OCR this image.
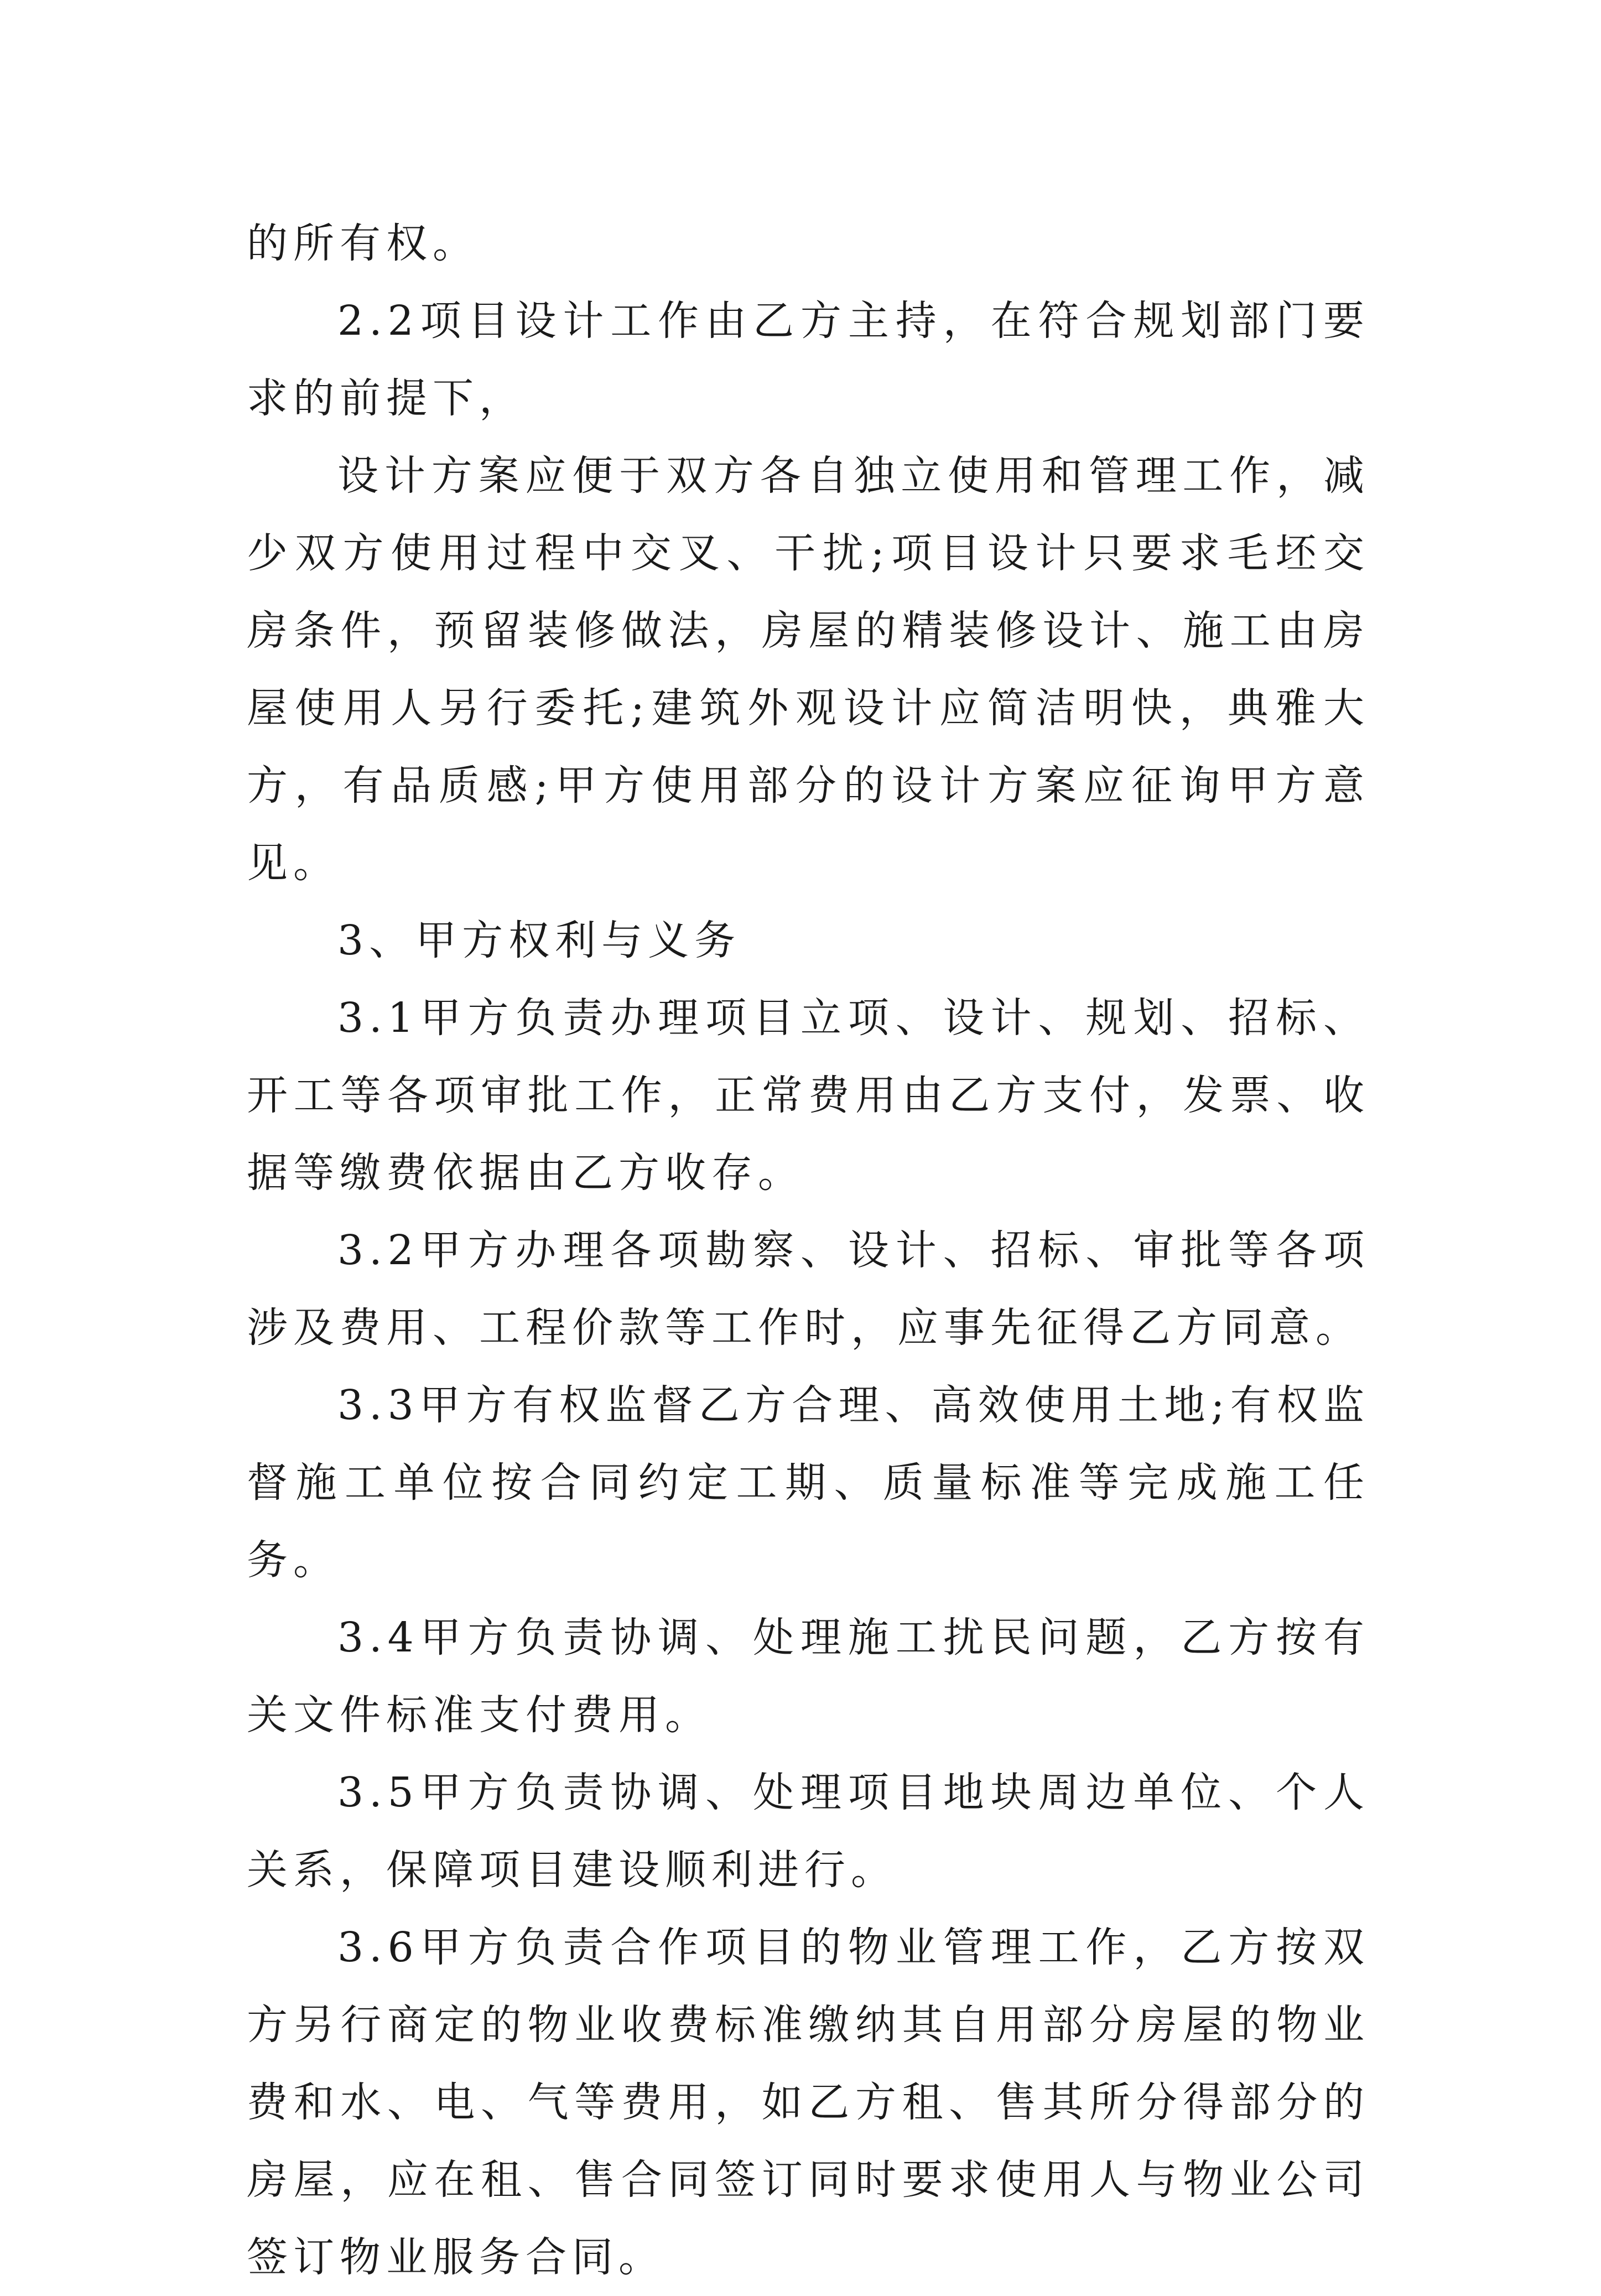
的所有权。

2.2项目设计工作由乙方主持，在符合规划部门要求的前提下，

设计方案应便于双方各自独立使用和管理工作，减少双方使用过程中交叉、干扰;项目设计只要求毛坯交房条件，预留装修做法，房屋的精装修设计、施工由房屋使用人另行委托;建筑外观设计应简洁明快，典雅大方，有品质感;甲方使用部分的设计方案应征询甲方意见。

3、甲方权利与义务

3.1甲方负责办理项目立项、设计、规划、招标、开工等各项审批工作，正常费用由乙方支付，发票、收据等缴费依据由乙方收存。

3.2甲方办理各项勘察、设计、招标、审批等各项涉及费用、工程价款等工作时，应事先征得乙方同意。

3.3甲方有权监督乙方合理、高效使用土地;有权监督施工单位按合同约定工期、质量标准等完成施工任务。

3.4甲方负责协调、处理施工扰民问题，乙方按有关文件标准支付费用。

3.5甲方负责协调、处理项目地块周边单位、个人关系，保障项目建设顺利进行。

3.6甲方负责合作项目的物业管理工作，乙方按双方另行商定的物业收费标准缴纳其自用部分房屋的物业费和水、电、气等费用，如乙方租、售其所分得部分的房屋，应在租、售合同签订同时要求使用人与物业公司签订物业服务合同。
